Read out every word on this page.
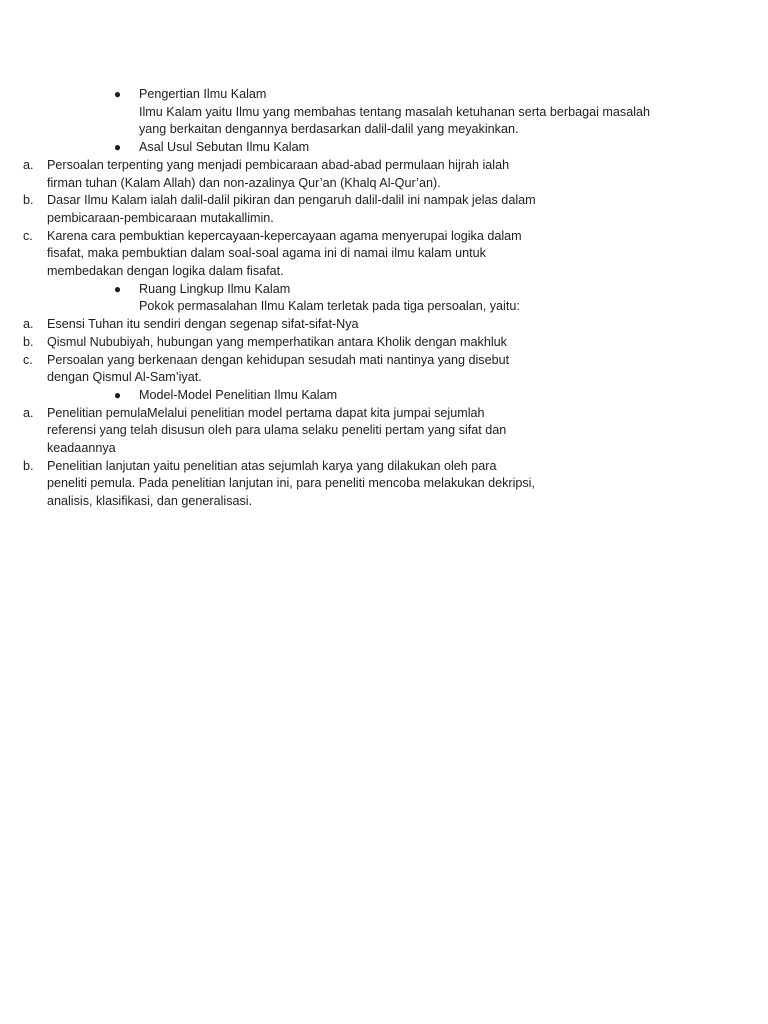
● Pengertian Ilmu Kalam
Ilmu Kalam yaitu Ilmu yang membahas tentang masalah ketuhanan serta berbagai masalah yang berkaitan dengannya berdasarkan dalil-dalil yang meyakinkan.
● Asal Usul Sebutan Ilmu Kalam
a. Persoalan terpenting yang menjadi pembicaraan abad-abad permulaan hijrah ialah firman tuhan (Kalam Allah) dan non-azalinya Qur’an (Khalq Al-Qur’an).
b. Dasar Ilmu Kalam ialah dalil-dalil pikiran dan pengaruh dalil-dalil ini nampak jelas dalam pembicaraan-pembicaraan mutakallimin.
c. Karena cara pembuktian kepercayaan-kepercayaan agama menyerupai logika dalam fisafat, maka pembuktian dalam soal-soal agama ini di namai ilmu kalam untuk membedakan dengan logika dalam fisafat.
● Ruang Lingkup Ilmu Kalam
Pokok permasalahan Ilmu Kalam terletak pada tiga persoalan, yaitu:
a. Esensi Tuhan itu sendiri dengan segenap sifat-sifat-Nya
b. Qismul Nububiyah, hubungan yang memperhatikan antara Kholik dengan makhluk
c. Persoalan yang berkenaan dengan kehidupan sesudah mati nantinya yang disebut dengan Qismul Al-Sam’iyat.
● Model-Model Penelitian Ilmu Kalam
a. Penelitian pemulaMelalui penelitian model pertama dapat kita jumpai sejumlah referensi yang telah disusun oleh para ulama selaku peneliti pertam yang sifat dan keadaannya
b. Penelitian lanjutan yaitu penelitian atas sejumlah karya yang dilakukan oleh para peneliti pemula. Pada penelitian lanjutan ini, para peneliti mencoba melakukan dekripsi, analisis, klasifikasi, dan generalisasi.
